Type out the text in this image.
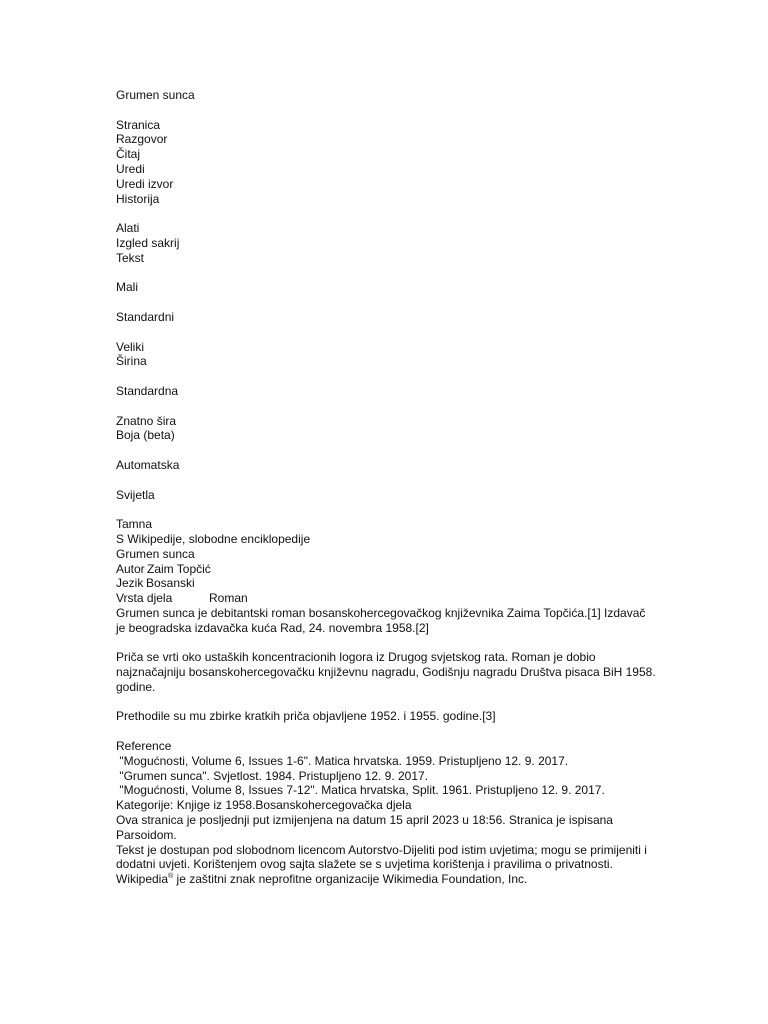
Grumen sunca
Stranica
Razgovor
Čitaj
Uredi
Uredi izvor
Historija
Alati
Izgled sakrij
Tekst
Mali
Standardni
Veliki
Širina
Standardna
Znatno šira
Boja (beta)
Automatska
Svijetla
Tamna
S Wikipedije, slobodne enciklopedije
Grumen sunca
Autor Zaim Topčić
Jezik Bosanski
Vrsta djela	Roman
Grumen sunca je debitantski roman bosanskohercegovačkog književnika Zaima Topčića.[1] Izdavač je beogradska izdavačka kuća Rad, 24. novembra 1958.[2]
Priča se vrti oko ustaških koncentracionih logora iz Drugog svjetskog rata. Roman je dobio najznačajniju bosanskohercegovačku književnu nagradu, Godišnju nagradu Društva pisaca BiH 1958. godine.
Prethodile su mu zbirke kratkih priča objavljene 1952. i 1955. godine.[3]
Reference
"Mogućnosti, Volume 6, Issues 1-6". Matica hrvatska. 1959. Pristupljeno 12. 9. 2017.
"Grumen sunca". Svjetlost. 1984. Pristupljeno 12. 9. 2017.
"Mogućnosti, Volume 8, Issues 7-12". Matica hrvatska, Split. 1961. Pristupljeno 12. 9. 2017.
Kategorije: Knjige iz 1958.Bosanskohercegovačka djela
Ova stranica je posljednji put izmijenjena na datum 15 april 2023 u 18:56. Stranica je ispisana Parsoidom.
Tekst je dostupan pod slobodnom licencom Autorstvo-Dijeliti pod istim uvjetima; mogu se primijeniti i dodatni uvjeti. Korištenjem ovog sajta slažete se s uvjetima korištenja i pravilima o privatnosti.
Wikipedia® je zaštitni znak neprofitne organizacije Wikimedia Foundation, Inc.
